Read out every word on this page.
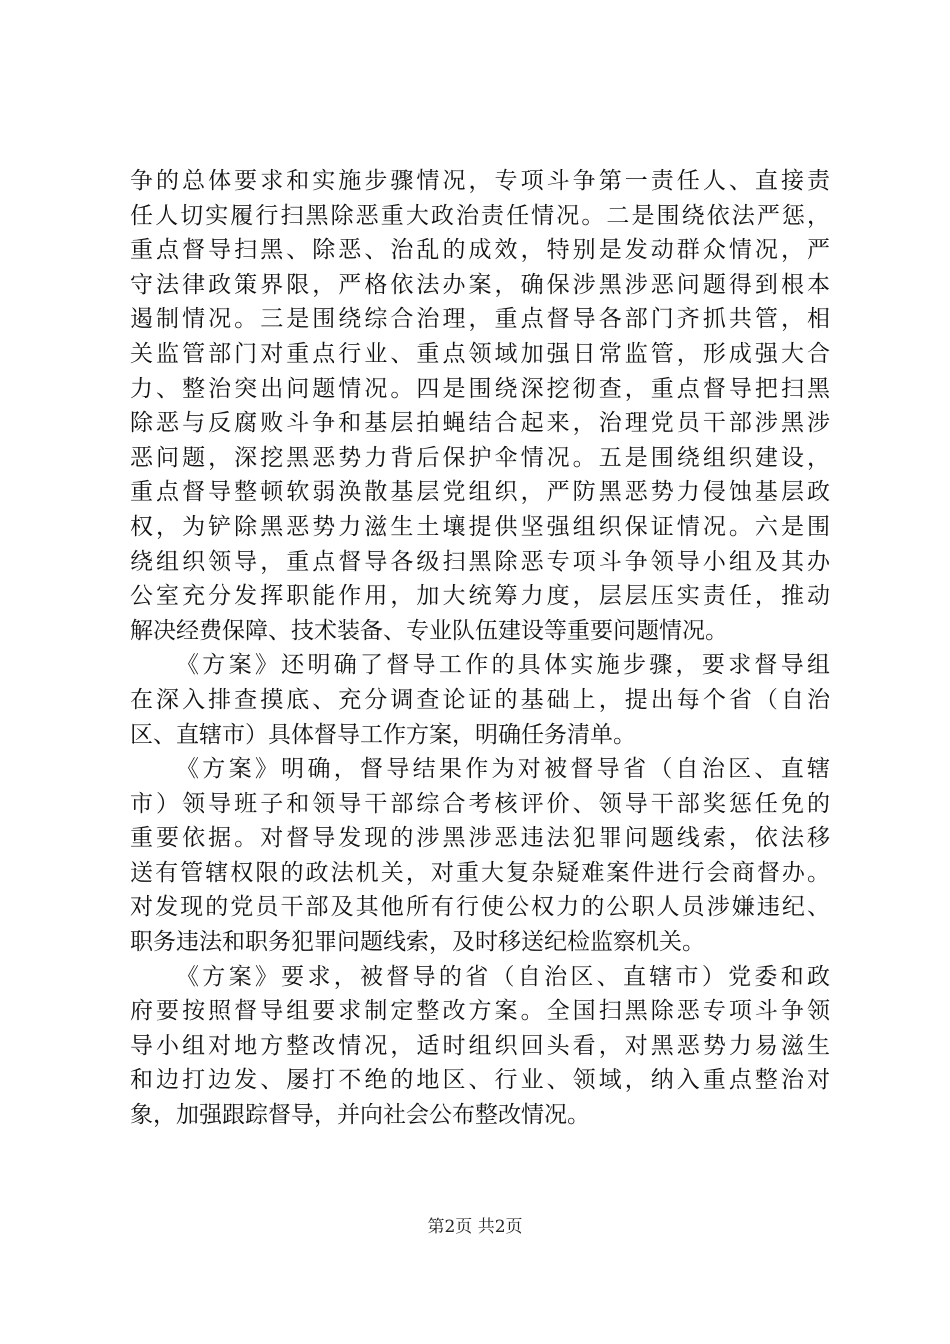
争的总体要求和实施步骤情况，专项斗争第一责任人、直接责
任人切实履行扫黑除恶重大政治责任情况。二是围绕依法严惩，
重点督导扫黑、除恶、治乱的成效，特别是发动群众情况，严
守法律政策界限，严格依法办案，确保涉黑涉恶问题得到根本
遏制情况。三是围绕综合治理，重点督导各部门齐抓共管，相
关监管部门对重点行业、重点领域加强日常监管，形成强大合
力、整治突出问题情况。四是围绕深挖彻查，重点督导把扫黑
除恶与反腐败斗争和基层拍蝇结合起来，治理党员干部涉黑涉
恶问题，深挖黑恶势力背后保护伞情况。五是围绕组织建设，
重点督导整顿软弱涣散基层党组织，严防黑恶势力侵蚀基层政
权，为铲除黑恶势力滋生土壤提供坚强组织保证情况。六是围
绕组织领导，重点督导各级扫黑除恶专项斗争领导小组及其办
公室充分发挥职能作用，加大统筹力度，层层压实责任，推动
解决经费保障、技术装备、专业队伍建设等重要问题情况。
《方案》还明确了督导工作的具体实施步骤，要求督导组
在深入排查摸底、充分调查论证的基础上，提出每个省（自治
区、直辖市）具体督导工作方案，明确任务清单。
《方案》明确，督导结果作为对被督导省（自治区、直辖
市）领导班子和领导干部综合考核评价、领导干部奖惩任免的
重要依据。对督导发现的涉黑涉恶违法犯罪问题线索，依法移
送有管辖权限的政法机关，对重大复杂疑难案件进行会商督办。
对发现的党员干部及其他所有行使公权力的公职人员涉嫌违纪、
职务违法和职务犯罪问题线索，及时移送纪检监察机关。
《方案》要求，被督导的省（自治区、直辖市）党委和政
府要按照督导组要求制定整改方案。全国扫黑除恶专项斗争领
导小组对地方整改情况，适时组织回头看，对黑恶势力易滋生
和边打边发、屡打不绝的地区、行业、领域，纳入重点整治对
象，加强跟踪督导，并向社会公布整改情况。
第2页 共2页
